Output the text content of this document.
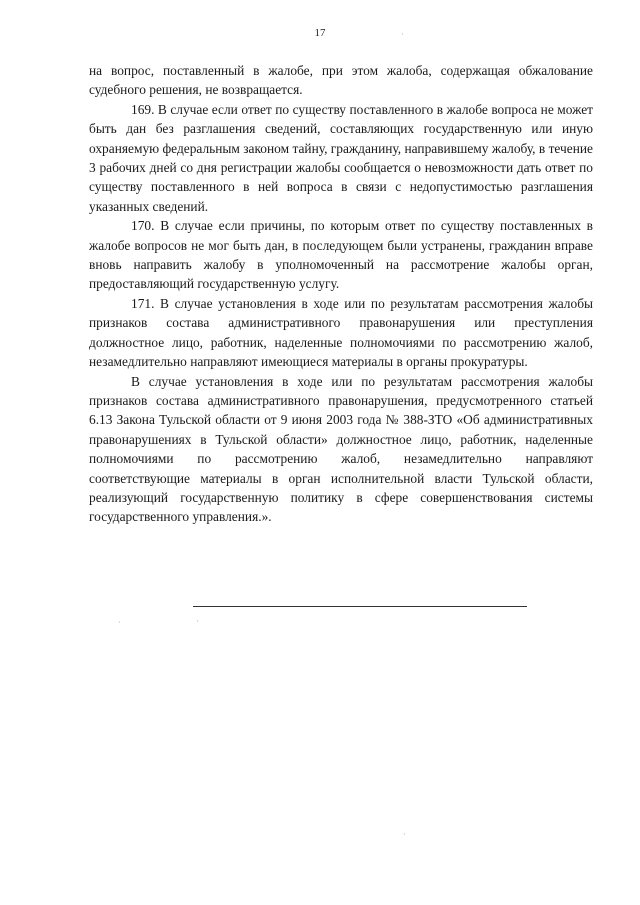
17

на вопрос, поставленный в жалобе, при этом жалоба, содержащая обжалование судебного решения, не возвращается.

169. В случае если ответ по существу поставленного в жалобе вопроса не может быть дан без разглашения сведений, составляющих государственную или иную охраняемую федеральным законом тайну, гражданину, направившему жалобу, в течение 3 рабочих дней со дня регистрации жалобы сообщается о невозможности дать ответ по существу поставленного в ней вопроса в связи с недопустимостью разглашения указанных сведений.

170. В случае если причины, по которым ответ по существу поставленных в жалобе вопросов не мог быть дан, в последующем были устранены, гражданин вправе вновь направить жалобу в уполномоченный на рассмотрение жалобы орган, предоставляющий государственную услугу.

171. В случае установления в ходе или по результатам рассмотрения жалобы признаков состава административного правонарушения или преступления должностное лицо, работник, наделенные полномочиями по рассмотрению жалоб, незамедлительно направляют имеющиеся материалы в органы прокуратуры.

В случае установления в ходе или по результатам рассмотрения жалобы признаков состава административного правонарушения, предусмотренного статьей 6.13 Закона Тульской области от 9 июня 2003 года № 388-ЗТО «Об административных правонарушениях в Тульской области» должностное лицо, работник, наделенные полномочиями по рассмотрению жалоб, незамедлительно направляют соответствующие материалы в орган исполнительной власти Тульской области, реализующий государственную политику в сфере совершенствования системы государственного управления.».

·
·	·
·
